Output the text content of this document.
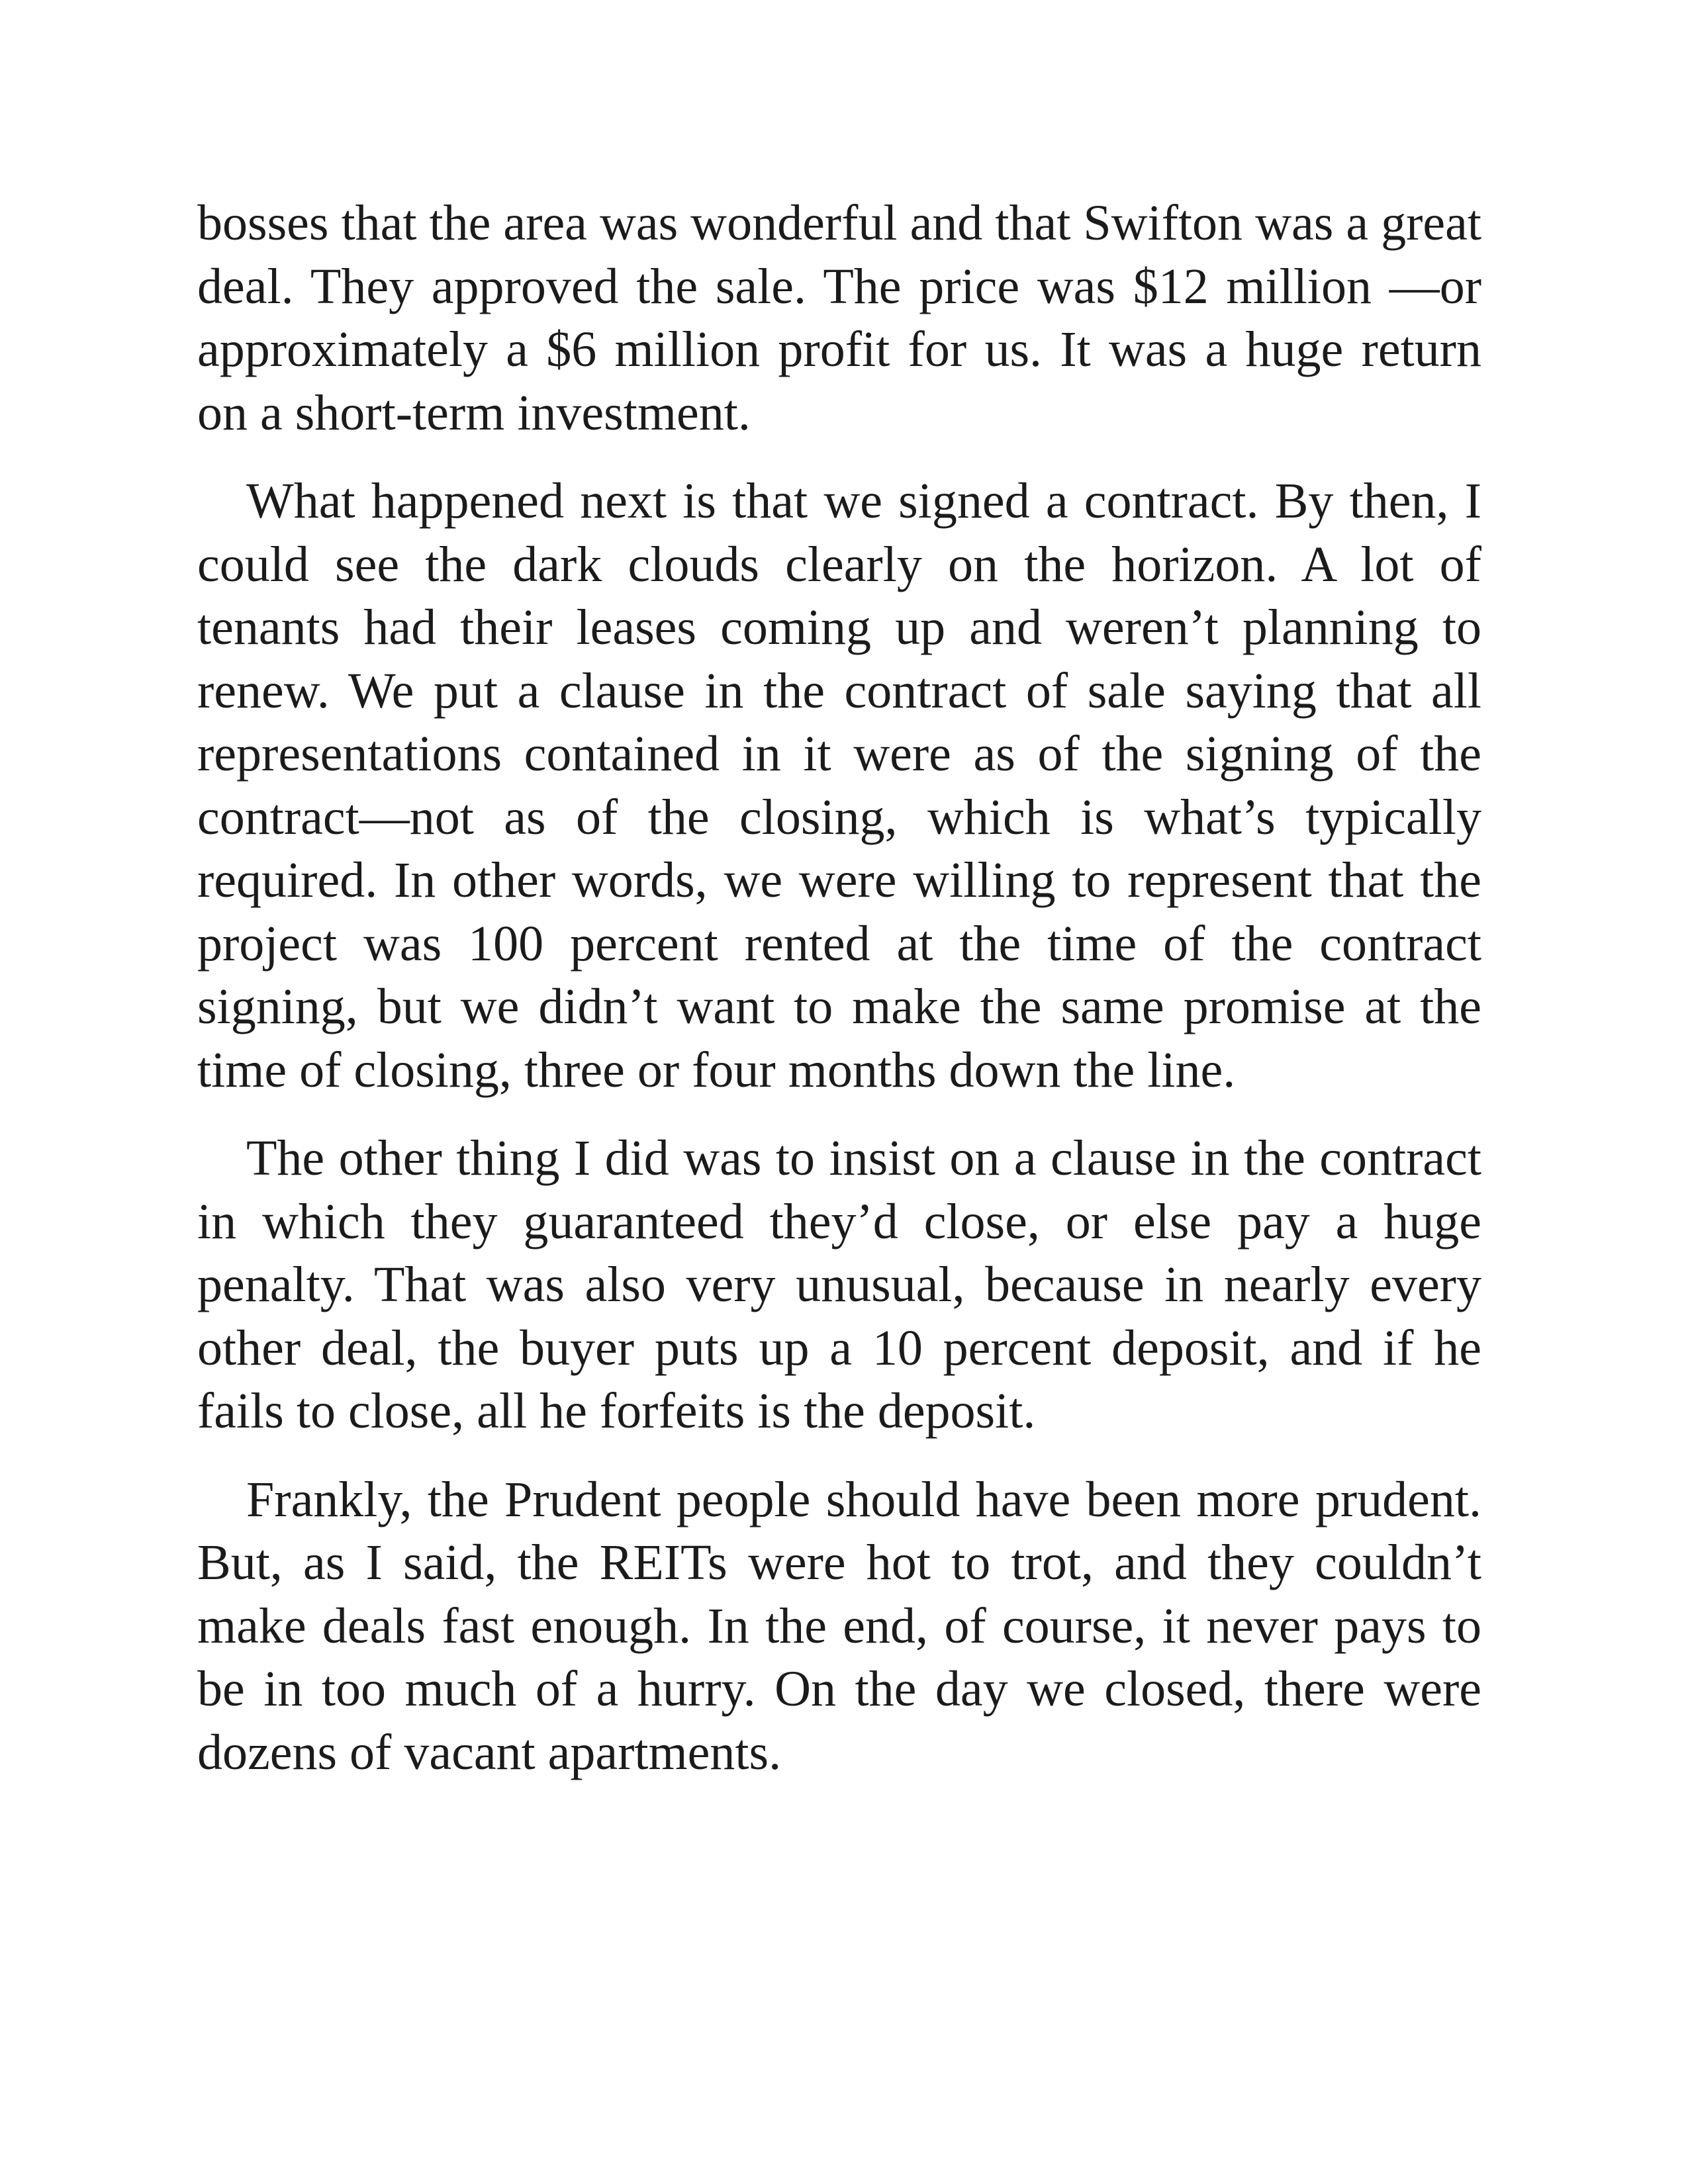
bosses that the area was wonderful and that Swifton was a great deal. They approved the sale. The price was $12 million —or approximately a $6 million profit for us. It was a huge return on a short-term investment.

What happened next is that we signed a contract. By then, I could see the dark clouds clearly on the horizon. A lot of tenants had their leases coming up and weren’t planning to renew. We put a clause in the contract of sale saying that all representations contained in it were as of the signing of the contract—not as of the closing, which is what’s typically required. In other words, we were willing to represent that the project was 100 percent rented at the time of the contract signing, but we didn’t want to make the same promise at the time of closing, three or four months down the line.

The other thing I did was to insist on a clause in the contract in which they guaranteed they’d close, or else pay a huge penalty. That was also very unusual, because in nearly every other deal, the buyer puts up a 10 percent deposit, and if he fails to close, all he forfeits is the deposit.

Frankly, the Prudent people should have been more prudent. But, as I said, the REITs were hot to trot, and they couldn’t make deals fast enough. In the end, of course, it never pays to be in too much of a hurry. On the day we closed, there were dozens of vacant apartments.
